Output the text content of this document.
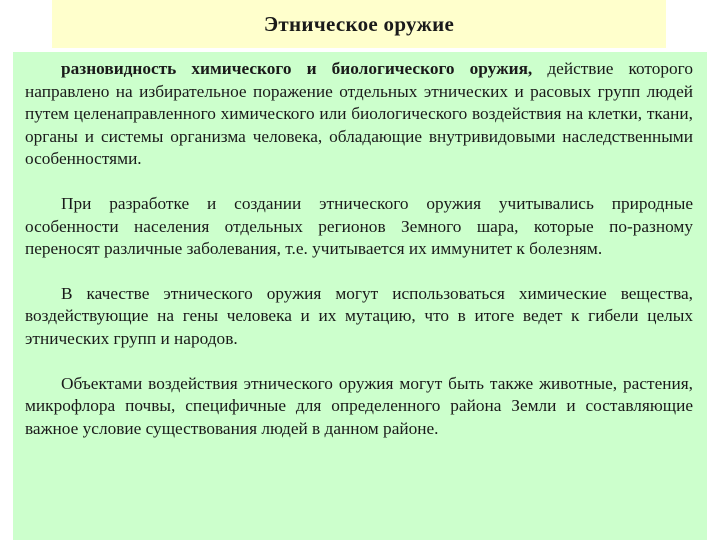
Этническое оружие

разновидность химического и биологического оружия, действие которого направлено на избирательное поражение отдельных этнических и расовых групп людей путем целенаправленного химического или биологического воздействия на клетки, ткани, органы и системы организма человека, обладающие внутривидовыми наследственными особенностями.

При разработке и создании этнического оружия учитывались природные особенности населения отдельных регионов Земного шара, которые по-разному переносят различные заболевания, т.е. учитывается их иммунитет к болезням.

В качестве этнического оружия могут использоваться химические вещества, воздействующие на гены человека и их мутацию, что в итоге ведет к гибели целых этнических групп и народов.

Объектами воздействия этнического оружия могут быть также животные, растения, микрофлора почвы, специфичные для определенного района Земли и составляющие важное условие существования людей в данном районе.
